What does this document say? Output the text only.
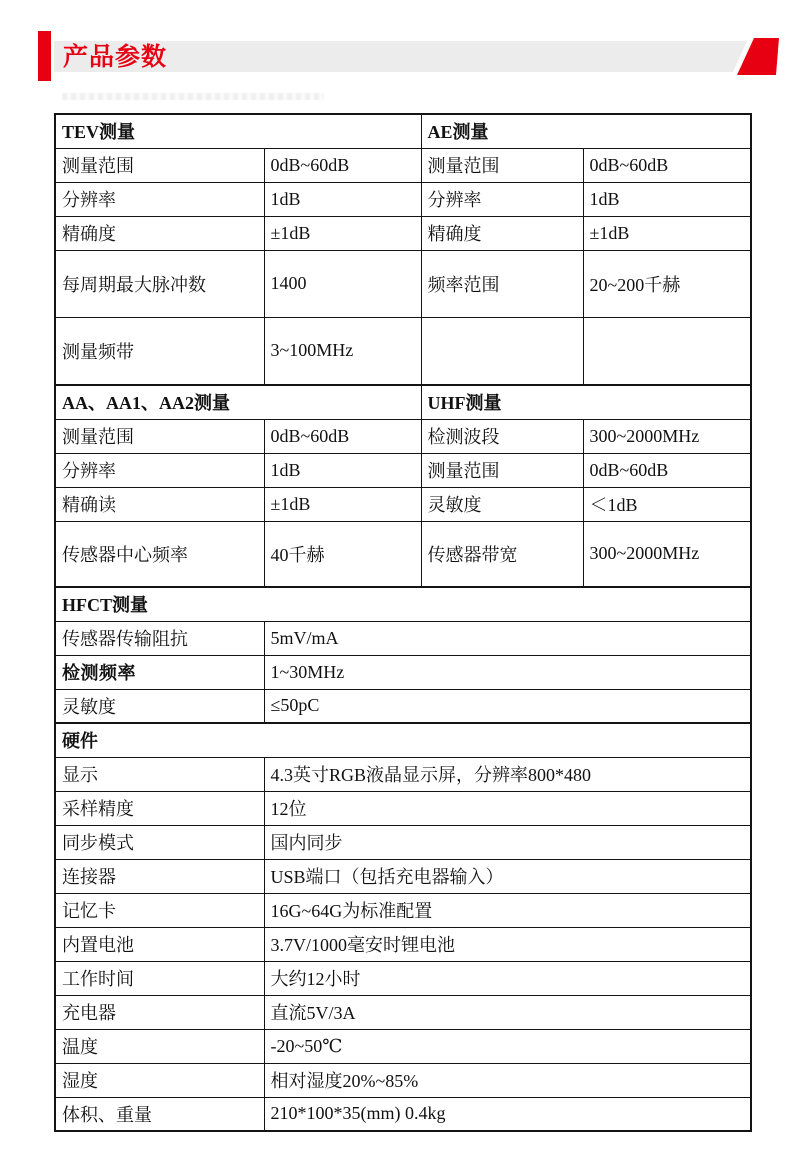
产品参数
TEV测量		AE测量	
测量范围	0dB~60dB	测量范围	0dB~60dB
分辨率	1dB	分辨率	1dB
精确度	±1dB	精确度	±1dB
每周期最大脉冲数	1400	频率范围	20~200千赫
测量频带	3~100MHz		
AA、AA1、AA2测量		UHF测量	
测量范围	0dB~60dB	检测波段	300~2000MHz
分辨率	1dB	测量范围	0dB~60dB
精确读	±1dB	灵敏度	＜1dB
传感器中心频率	40千赫	传感器带宽	300~2000MHz
HFCT测量			
传感器传输阻抗	5mV/mA		
检测频率	1~30MHz		
灵敏度	≤50pC		
硬件			
显示	4.3英寸RGB液晶显示屏，分辨率800*480		
采样精度	12位		
同步模式	国内同步		
连接器	USB端口（包括充电器输入）		
记忆卡	16G~64G为标准配置		
内置电池	3.7V/1000毫安时锂电池		
工作时间	大约12小时		
充电器	直流5V/3A		
温度	-20~50℃		
湿度	相对湿度20%~85%		
体积、重量	210*100*35(mm) 0.4kg		
